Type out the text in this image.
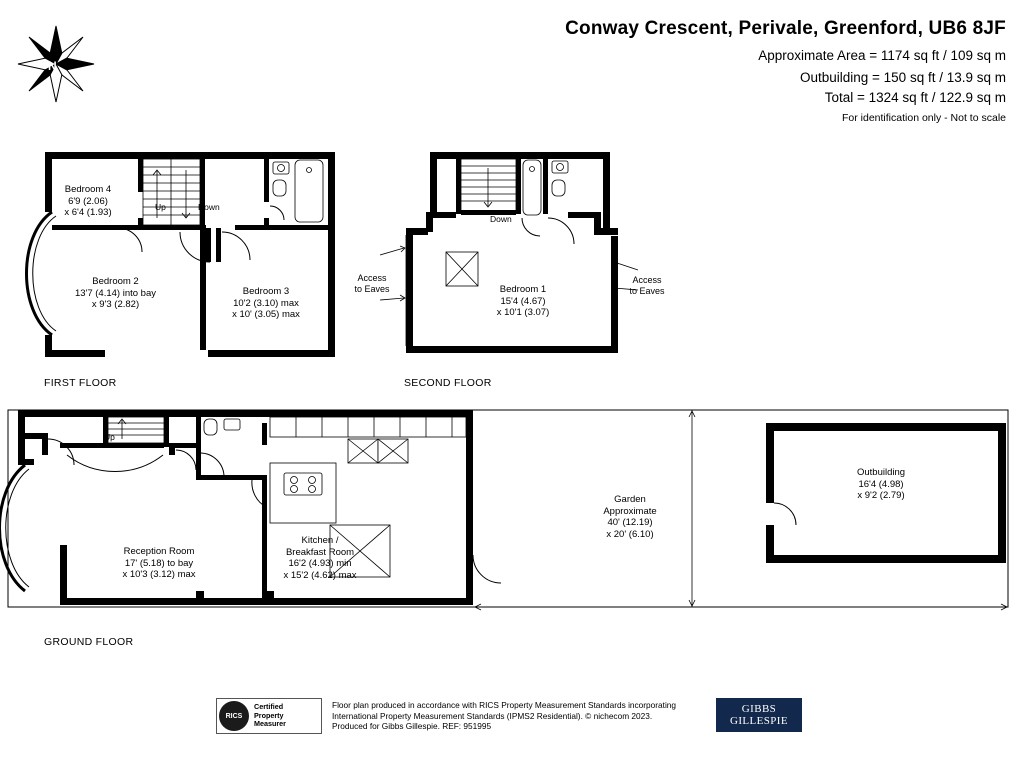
Conway Crescent, Perivale, Greenford, UB6 8JF
Approximate Area = 1174 sq ft / 109 sq m
Outbuilding = 150 sq ft / 13.9 sq m
Total = 1324 sq ft / 122.9 sq m
For identification only - Not to scale
N
FIRST FLOOR
Bedroom 4
6'9 (2.06)
x 6'4 (1.93)	Up	Down
Bedroom 2
13'7 (4.14) into bay
x 9'3 (2.82)
Bedroom 3
10'2 (3.10) max
x 10' (3.05) max
SECOND FLOOR
Down
Bedroom 1
15'4 (4.67)
x 10'1 (3.07)
Access
to Eaves
Access
to Eaves
GROUND FLOOR
Up
Reception Room
17' (5.18) to bay
x 10'3 (3.12) max
Kitchen /
Breakfast Room
16'2 (4.93) min
x 15'2 (4.62) max
Garden
Approximate
40' (12.19)
x 20' (6.10)
Outbuilding
16'4 (4.98)
x 9'2 (2.79)
RICS
Certified
Property
Measurer
Floor plan produced in accordance with RICS Property Measurement Standards incorporating
International Property Measurement Standards (IPMS2 Residential). © nichecom 2023.
Produced for Gibbs Gillespie. REF: 951995
GIBBS
GILLESPIE
